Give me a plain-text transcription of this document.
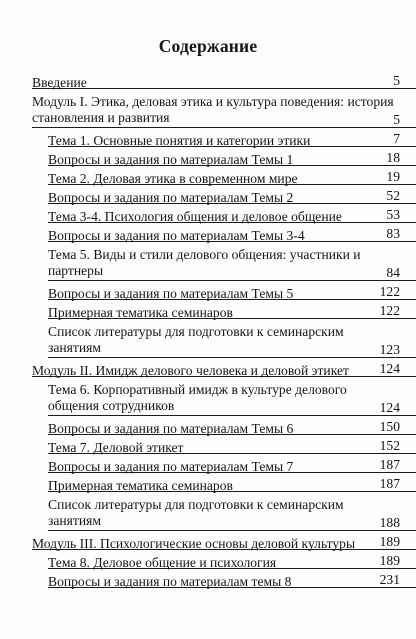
Содержание
Введение	5
Модуль I. Этика, деловая этика и культура поведения: история становления и развития	5
Тема 1. Основные понятия и категории этики	7
Вопросы и задания по материалам Темы 1	18
Тема 2. Деловая этика в современном мире	19
Вопросы и задания по материалам Темы 2	52
Тема 3-4. Психология общения и деловое общение	53
Вопросы и задания по материалам Темы 3-4	83
Тема 5. Виды и стили делового общения: участники и партнеры	84
Вопросы и задания по материалам Темы 5	122
Примерная тематика семинаров	122
Список литературы для подготовки к семинарским занятиям	123
Модуль II. Имидж делового человека и деловой этикет	124
Тема 6. Корпоративный имидж в культуре делового общения сотрудников	124
Вопросы и задания по материалам Темы 6	150
Тема 7. Деловой этикет	152
Вопросы и задания по материалам Темы 7	187
Примерная тематика семинаров	187
Список литературы для подготовки к семинарским занятиям	188
Модуль III. Психологические основы деловой культуры	189
Тема 8. Деловое общение и психология	189
Вопросы и задания по материалам темы 8	231
